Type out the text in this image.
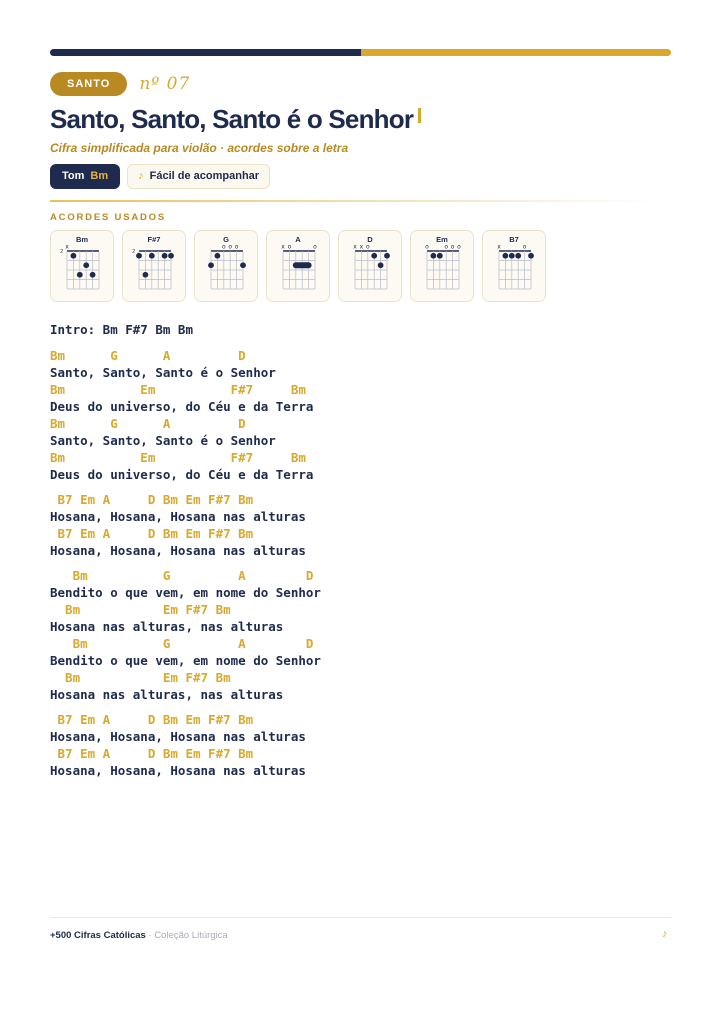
SANTO	nº 07
Santo, Santo, Santo é o Senhor
Cifra simplificada para violão · acordes sobre a letra
Tom Bm	♪ Fácil de acompanhar
ACORDES USADOS
Bm
2
x
F#7
2
G
o o o
A
x o	o
D
x x o
Em
o	o o o
B7
x	o
Intro: Bm F#7 Bm Bm
Bm      G      A         D
Santo, Santo, Santo é o Senhor
Bm          Em          F#7     Bm
Deus do universo, do Céu e da Terra
Bm      G      A         D
Santo, Santo, Santo é o Senhor
Bm          Em          F#7     Bm
Deus do universo, do Céu e da Terra
B7 Em A     D Bm Em F#7 Bm
Hosana, Hosana, Hosana nas alturas
B7 Em A     D Bm Em F#7 Bm
Hosana, Hosana, Hosana nas alturas
Bm          G         A        D
Bendito o que vem, em nome do Senhor
Bm           Em F#7 Bm
Hosana nas alturas, nas alturas
Bm          G         A        D
Bendito o que vem, em nome do Senhor
Bm           Em F#7 Bm
Hosana nas alturas, nas alturas
B7 Em A     D Bm Em F#7 Bm
Hosana, Hosana, Hosana nas alturas
B7 Em A     D Bm Em F#7 Bm
Hosana, Hosana, Hosana nas alturas
+500 Cifras Católicas · Coleção Litúrgica	♪
